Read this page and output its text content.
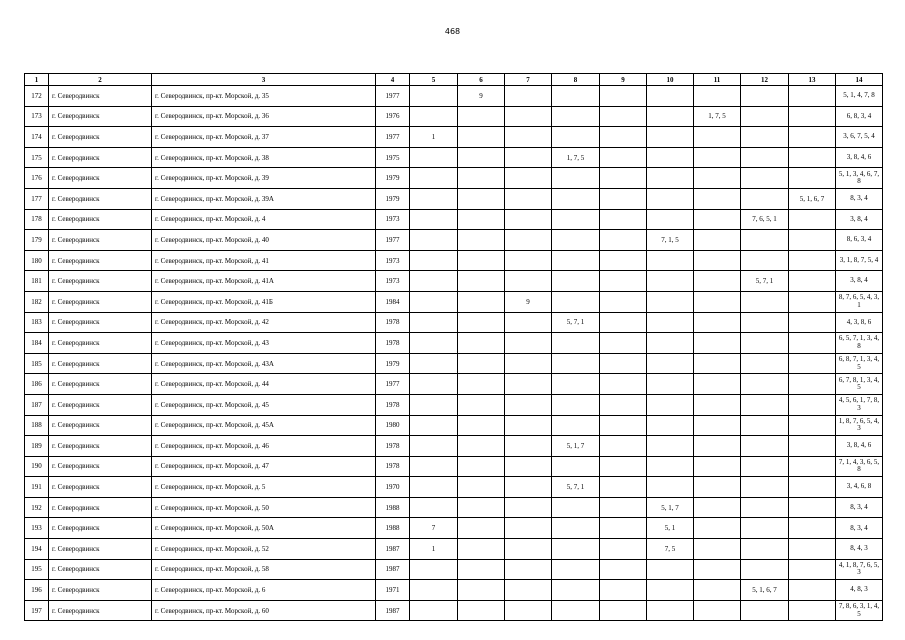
468
1	2	3	4	5	6	7	8	9	10	11	12	13	14
172	г. Северодвинск	г. Северодвинск, пр-кт. Морской, д. 35	1977		9								5, 1, 4, 7, 8
173	г. Северодвинск	г. Северодвинск, пр-кт. Морской, д. 36	1976							1, 7, 5			6, 8, 3, 4
174	г. Северодвинск	г. Северодвинск, пр-кт. Морской, д. 37	1977	1									3, 6, 7, 5, 4
175	г. Северодвинск	г. Северодвинск, пр-кт. Морской, д. 38	1975				1, 7, 5						3, 8, 4, 6
176	г. Северодвинск	г. Северодвинск, пр-кт. Морской, д. 39	1979										5, 1, 3, 4, 6, 7, 8
177	г. Северодвинск	г. Северодвинск, пр-кт. Морской, д. 39А	1979									5, 1, 6, 7	8, 3, 4
178	г. Северодвинск	г. Северодвинск, пр-кт. Морской, д. 4	1973								7, 6, 5, 1		3, 8, 4
179	г. Северодвинск	г. Северодвинск, пр-кт. Морской, д. 40	1977						7, 1, 5				8, 6, 3, 4
180	г. Северодвинск	г. Северодвинск, пр-кт. Морской, д. 41	1973										3, 1, 8, 7, 5, 4
181	г. Северодвинск	г. Северодвинск, пр-кт. Морской, д. 41А	1973								5, 7, 1		3, 8, 4
182	г. Северодвинск	г. Северодвинск, пр-кт. Морской, д. 41Б	1984			9							8, 7, 6, 5, 4, 3, 1
183	г. Северодвинск	г. Северодвинск, пр-кт. Морской, д. 42	1978				5, 7, 1						4, 3, 8, 6
184	г. Северодвинск	г. Северодвинск, пр-кт. Морской, д. 43	1978										6, 5, 7, 1, 3, 4, 8
185	г. Северодвинск	г. Северодвинск, пр-кт. Морской, д. 43А	1979										6, 8, 7, 1, 3, 4, 5
186	г. Северодвинск	г. Северодвинск, пр-кт. Морской, д. 44	1977										6, 7, 8, 1, 3, 4, 5
187	г. Северодвинск	г. Северодвинск, пр-кт. Морской, д. 45	1978										4, 5, 6, 1, 7, 8, 3
188	г. Северодвинск	г. Северодвинск, пр-кт. Морской, д. 45А	1980										1, 8, 7, 6, 5, 4, 3
189	г. Северодвинск	г. Северодвинск, пр-кт. Морской, д. 46	1978				5, 1, 7						3, 8, 4, 6
190	г. Северодвинск	г. Северодвинск, пр-кт. Морской, д. 47	1978										7, 1, 4, 3, 6, 5, 8
191	г. Северодвинск	г. Северодвинск, пр-кт. Морской, д. 5	1970				5, 7, 1						3, 4, 6, 8
192	г. Северодвинск	г. Северодвинск, пр-кт. Морской, д. 50	1988						5, 1, 7				8, 3, 4
193	г. Северодвинск	г. Северодвинск, пр-кт. Морской, д. 50А	1988	7					5, 1				8, 3, 4
194	г. Северодвинск	г. Северодвинск, пр-кт. Морской, д. 52	1987	1					7, 5				8, 4, 3
195	г. Северодвинск	г. Северодвинск, пр-кт. Морской, д. 58	1987										4, 1, 8, 7, 6, 5, 3
196	г. Северодвинск	г. Северодвинск, пр-кт. Морской, д. 6	1971								5, 1, 6, 7		4, 8, 3
197	г. Северодвинск	г. Северодвинск, пр-кт. Морской, д. 60	1987										7, 8, 6, 3, 1, 4, 5
